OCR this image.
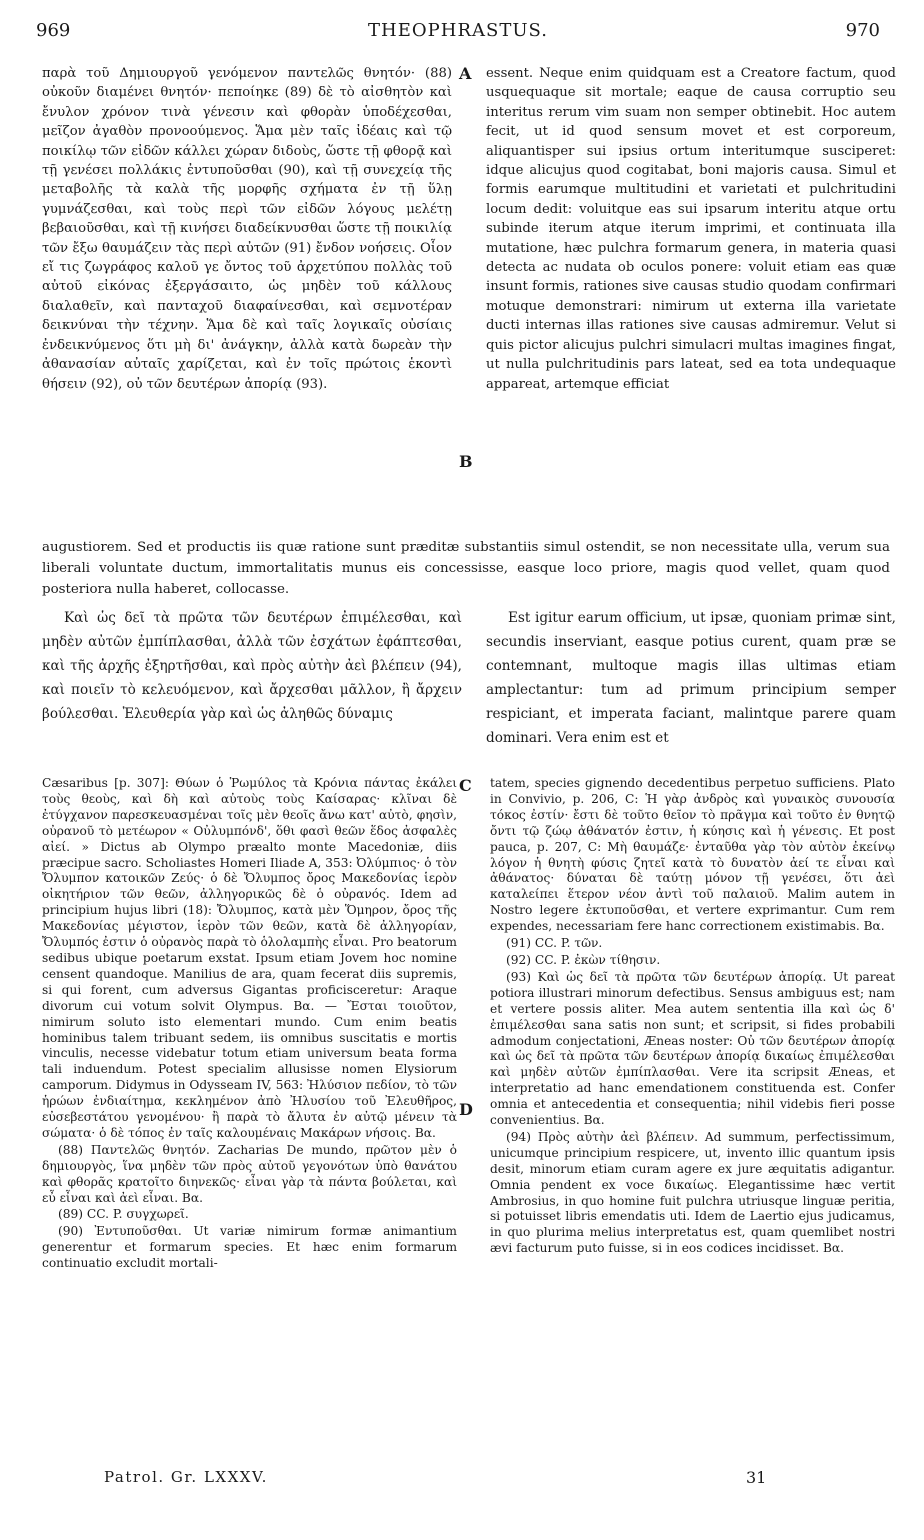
969	THEOPHRASTUS.	970

παρὰ τοῦ Δημιουργοῦ γενόμενον παντελῶς θνητόν· (88) οὐκοῦν διαμένει θνητόν· πεποίηκε (89) δὲ τὸ αἰσθητὸν καὶ ἔνυλον χρόνον τινὰ γένεσιν καὶ φθορὰν ὑποδέχεσθαι, μεῖζον ἀγαθὸν προνοούμενος. Ἅμα μὲν ταῖς ἰδέαις καὶ τῷ ποικίλῳ τῶν εἰδῶν κάλλει χώραν διδοὺς, ὥστε τῇ φθορᾷ καὶ τῇ γενέσει πολλάκις ἐντυποῦσθαι (90), καὶ τῇ συνεχείᾳ τῆς μεταβολῆς τὰ καλὰ τῆς μορφῆς σχήματα ἐν τῇ ὕλῃ γυμνάζεσθαι, καὶ τοὺς περὶ τῶν εἰδῶν λόγους μελέτῃ βεβαιοῦσθαι, καὶ τῇ κινήσει διαδείκνυσθαι ὥστε τῇ ποικιλίᾳ τῶν ἔξω θαυμάζειν τὰς περὶ αὐτῶν (91) ἔνδον νοήσεις. Οἷον εἴ τις ζωγράφος καλοῦ γε ὄντος τοῦ ἀρχετύπου πολλὰς τοῦ αὐτοῦ εἰκόνας ἐξεργάσαιτο, ὡς μηδὲν τοῦ κάλλους διαλαθεῖν, καὶ πανταχοῦ διαφαίνεσθαι, καὶ σεμνοτέραν δεικνύναι τὴν τέχνην. Ἅμα δὲ καὶ ταῖς λογικαῖς οὐσίαις ἐνδεικνύμενος ὅτι μὴ δι' ἀνάγκην, ἀλλὰ κατὰ δωρεὰν τὴν ἀθανασίαν αὐταῖς χαρίζεται, καὶ ἐν τοῖς πρώτοις ἑκοντὶ θήσειν (92), οὐ τῶν δευτέρων ἀπορίᾳ (93).

A
B

essent. Neque enim quidquam est a Creatore factum, quod usquequaque sit mortale; eaque de causa corruptio seu interitus rerum vim suam non semper obtinebit. Hoc autem fecit, ut id quod sensum movet et est corporeum, aliquantisper sui ipsius ortum interitumque susciperet: idque alicujus quod cogitabat, boni majoris causa. Simul et formis earumque multitudini et varietati et pulchritudini locum dedit: voluitque eas sui ipsarum interitu atque ortu subinde iterum atque iterum imprimi, et continuata illa mutatione, hæc pulchra formarum genera, in materia quasi detecta ac nudata ob oculos ponere: voluit etiam eas quæ insunt formis, rationes sive causas studio quodam confirmari motuque demonstrari: nimirum ut externa illa varietate ducti internas illas rationes sive causas admiremur. Velut si quis pictor alicujus pulchri simulacri multas imagines fingat, ut nulla pulchritudinis pars lateat, sed ea tota undequaque appareat, artemque efficiat

augustiorem. Sed et productis iis quæ ratione sunt præditæ substantiis simul ostendit, se non necessitate ulla, verum sua liberali voluntate ductum, immortalitatis munus eis concessisse, easque loco priore, magis quod vellet, quam quod posteriora nulla haberet, collocasse.

Καὶ ὡς δεῖ τὰ πρῶτα τῶν δευτέρων ἐπιμέλεσθαι, καὶ μηδὲν αὐτῶν ἐμπίπλασθαι, ἀλλὰ τῶν ἐσχάτων ἐφάπτεσθαι, καὶ τῆς ἀρχῆς ἐξηρτῆσθαι, καὶ πρὸς αὐτὴν ἀεὶ βλέπειν (94), καὶ ποιεῖν τὸ κελευόμενον, καὶ ἄρχεσθαι μᾶλλον, ἢ ἄρχειν βούλεσθαι. Ἐλευθερία γὰρ καὶ ὡς ἀληθῶς δύναμις

Est igitur earum officium, ut ipsæ, quoniam primæ sint, secundis inserviant, easque potius curent, quam præ se contemnant, multoque magis illas ultimas etiam amplectantur: tum ad primum principium semper respiciant, et imperata faciant, malintque parere quam dominari. Vera enim est et

Cæsaribus [p. 307]: Θύων ὁ Ῥωμύλος τὰ Κρόνια πάντας ἐκάλει τοὺς θεοὺς, καὶ δὴ καὶ αὐτοὺς τοὺς Καίσαρας· κλῖναι δὲ ἐτύγχανον παρεσκευασμέναι τοῖς μὲν θεοῖς ἄνω κατ' αὐτὸ, φησὶν, οὐρανοῦ τὸ μετέωρον « Οὐλυμπόνδ', ὅθι φασὶ θεῶν ἕδος ἀσφαλὲς αἰεί. » Dictus ab Olympo præalto monte Macedoniæ, diis præcipue sacro. Scholiastes Homeri Iliade A, 353: Ὀλύμπιος· ὁ τὸν Ὄλυμπον κατοικῶν Ζεύς· ὁ δὲ Ὄλυμπος ὄρος Μακεδονίας ἱερὸν οἰκητήριον τῶν θεῶν, ἀλληγορικῶς δὲ ὁ οὐρανός. Idem ad principium hujus libri (18): Ὄλυμπος, κατὰ μὲν Ὅμηρον, ὄρος τῆς Μακεδονίας μέγιστον, ἱερὸν τῶν θεῶν, κατὰ δὲ ἀλληγορίαν, Ὄλυμπός ἐστιν ὁ οὐρανὸς παρὰ τὸ ὁλολαμπὴς εἶναι. Pro beatorum sedibus ubique poetarum exstat. Ipsum etiam Jovem hoc nomine censent quandoque. Manilius de ara, quam fecerat diis supremis, si qui forent, cum adversus Gigantas proficisceretur: Araque divorum cui votum solvit Olympus. Βα. — Ἔσται τοιοῦτον, nimirum soluto isto elementari mundo. Cum enim beatis hominibus talem tribuant sedem, iis omnibus suscitatis e mortis vinculis, necesse videbatur totum etiam universum beata forma tali induendum. Potest specialim allusisse nomen Elysiorum camporum. Didymus in Odysseam IV, 563: Ἠλύσιον πεδίον, τὸ τῶν ἡρώων ἐνδιαίτημα, κεκλημένον ἀπὸ Ἠλυσίου τοῦ Ἐλευθῆρος, εὐσεβεστάτου γενομένου· ἢ παρὰ τὸ ἄλυτα ἐν αὐτῷ μένειν τὰ σώματα· ὁ δὲ τόπος ἐν ταῖς καλουμέναις Μακάρων νήσοις. Βα.

(88) Παντελῶς θνητόν. Zacharias De mundo, πρῶτον μὲν ὁ δημιουργὸς, ἵνα μηδὲν τῶν πρὸς αὐτοῦ γεγονότων ὑπὸ θανάτου καὶ φθορᾶς κρατοῖτο διηνεκῶς· εἶναι γὰρ τὰ πάντα βούλεται, καὶ εὖ εἶναι καὶ ἀεὶ εἶναι. Βα.

(89) CC. P. συγχωρεῖ.

(90) Ἐντυποῦσθαι. Ut variæ nimirum formæ animantium generentur et formarum species. Et hæc enim formarum continuatio excludit mortali-

C
D

tatem, species gignendo decedentibus perpetuo sufficiens. Plato in Convivio, p. 206, C: Ἡ γὰρ ἀνδρὸς καὶ γυναικὸς συνουσία τόκος ἐστίν· ἔστι δὲ τοῦτο θεῖον τὸ πρᾶγμα καὶ τοῦτο ἐν θνητῷ ὄντι τῷ ζώῳ ἀθάνατόν ἐστιν, ἡ κύησις καὶ ἡ γένεσις. Et post pauca, p. 207, C: Μὴ θαυμάζε· ἐνταῦθα γὰρ τὸν αὐτὸν ἐκείνῳ λόγον ἡ θνητὴ φύσις ζητεῖ κατὰ τὸ δυνατὸν ἀεί τε εἶναι καὶ ἀθάνατος· δύναται δὲ ταύτῃ μόνον τῇ γενέσει, ὅτι ἀεὶ καταλείπει ἕτερον νέον ἀντὶ τοῦ παλαιοῦ. Malim autem in Nostro legere ἐκτυποῦσθαι, et vertere exprimantur. Cum rem expendes, necessariam fere hanc correctionem existimabis. Βα.

(91) CC. P. τῶν.

(92) CC. P. ἐκὼν τίθησιν.

(93) Καὶ ὡς δεῖ τὰ πρῶτα τῶν δευτέρων ἀπορίᾳ. Ut pareat potiora illustrari minorum defectibus. Sensus ambiguus est; nam et vertere possis aliter. Mea autem sententia illa καὶ ὡς δ' ἐπιμέλεσθαι sana satis non sunt; et scripsit, si fides probabili admodum conjectationi, Æneas noster: Οὐ τῶν δευτέρων ἀπορίᾳ καὶ ὡς δεῖ τὰ πρῶτα τῶν δευτέρων ἀπορίᾳ δικαίως ἐπιμέλεσθαι καὶ μηδὲν αὐτῶν ἐμπίπλασθαι. Vere ita scripsit Æneas, et interpretatio ad hanc emendationem constituenda est. Confer omnia et antecedentia et consequentia; nihil videbis fieri posse convenientius. Βα.

(94) Πρὸς αὐτὴν ἀεὶ βλέπειν. Ad summum, perfectissimum, unicumque principium respicere, ut, invento illic quantum ipsis desit, minorum etiam curam agere ex jure æquitatis adigantur. Omnia pendent ex voce δικαίως. Elegantissime hæc vertit Ambrosius, in quo homine fuit pulchra utriusque linguæ peritia, si potuisset libris emendatis uti. Idem de Laertio ejus judicamus, in quo plurima melius interpretatus est, quam quemlibet nostri ævi facturum puto fuisse, si in eos codices incidisset. Βα.

Patrol. Gr. LXXXV.	31
